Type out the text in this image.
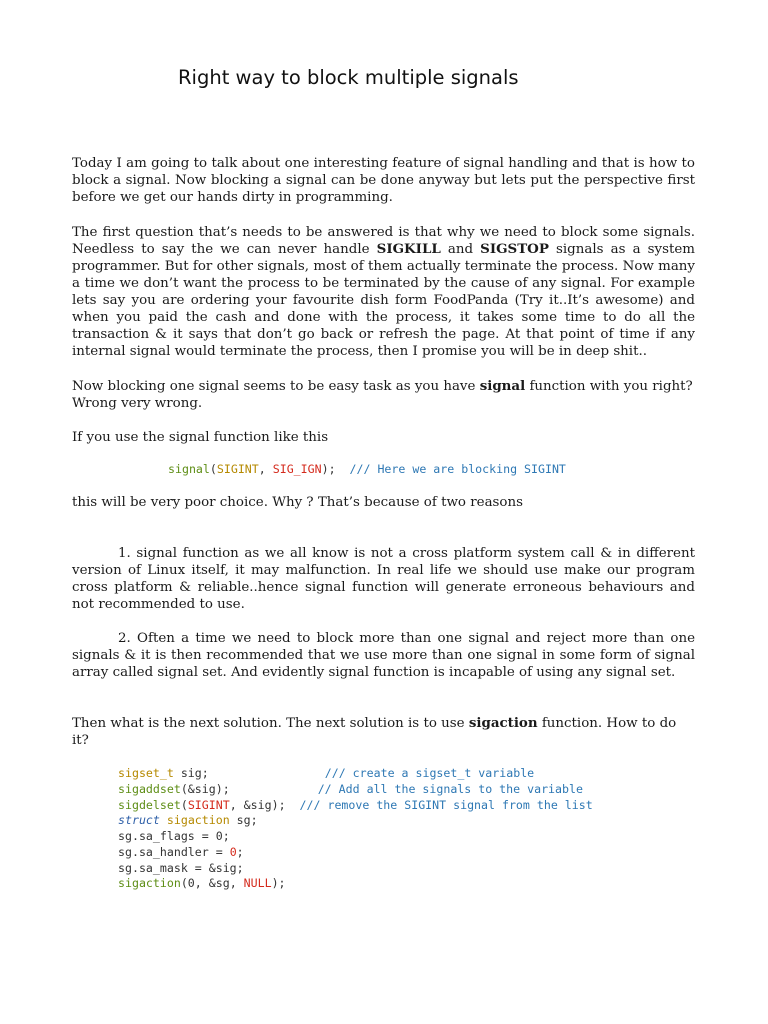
Right way to block multiple signals

Today I am going to talk about one interesting feature of signal handling and that is how to block a signal. Now blocking a signal can be done anyway but lets put the perspective first before we get our hands dirty in programming.

The first question that’s needs to be answered is that why we need to block some signals. Needless to say the we can never handle SIGKILL and SIGSTOP signals as a system programmer. But for other signals, most of them actually terminate the process. Now many a time we don’t want the process to be terminated by the cause of any signal. For example lets say you are ordering your favourite dish form FoodPanda (Try it..It’s awesome) and when you paid the cash and done with the process, it takes some time to do all the transaction & it says that don’t go back or refresh the page. At that point of time if any internal signal would terminate the process, then I promise you will be in deep shit..

Now blocking one signal seems to be easy task as you have signal function with you right? Wrong very wrong.

If you use the signal function like this

signal(SIGINT, SIG_IGN);  /// Here we are blocking SIGINT

this will be very poor choice. Why ? That’s because of two reasons

1. signal function as we all know is not a cross platform system call & in different version of Linux itself, it may malfunction. In real life we should use make our program cross platform & reliable..hence signal function will generate erroneous behaviours and not recommended to use.

2. Often a time we need to block more than one signal and reject more than one signals & it is then recommended that we use more than one signal in some form of signal array called signal set. And evidently signal function is incapable of using any signal set.

Then what is the next solution. The next solution is to use sigaction function. How to do it?

sigset_t sig;	/// create a sigset_t variable
sigaddset(&sig);	// Add all the signals to the variable
sigdelset(SIGINT, &sig); /// remove the SIGINT signal from the list
struct sigaction sg;
sg.sa_flags = 0;
sg.sa_handler = 0;
sg.sa_mask = &sig;
sigaction(0, &sg, NULL);
